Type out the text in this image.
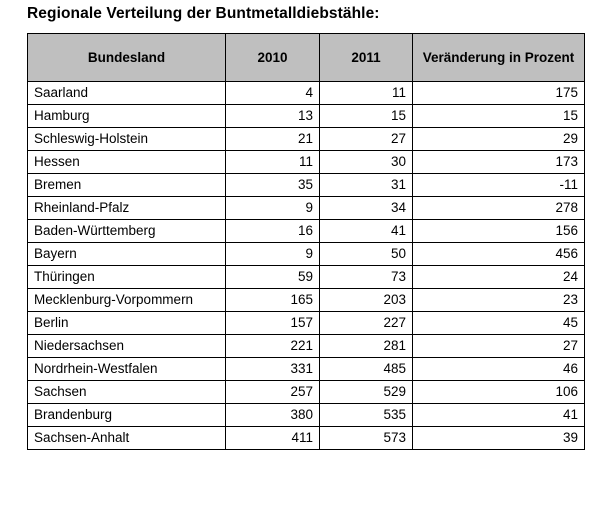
Regionale Verteilung der Buntmetalldiebstähle:
Bundesland	2010	2011	Veränderung in Prozent
Saarland	4	11	175
Hamburg	13	15	15
Schleswig-Holstein	21	27	29
Hessen	11	30	173
Bremen	35	31	-11
Rheinland-Pfalz	9	34	278
Baden-Württemberg	16	41	156
Bayern	9	50	456
Thüringen	59	73	24
Mecklenburg-Vorpommern	165	203	23
Berlin	157	227	45
Niedersachsen	221	281	27
Nordrhein-Westfalen	331	485	46
Sachsen	257	529	106
Brandenburg	380	535	41
Sachsen-Anhalt	411	573	39
